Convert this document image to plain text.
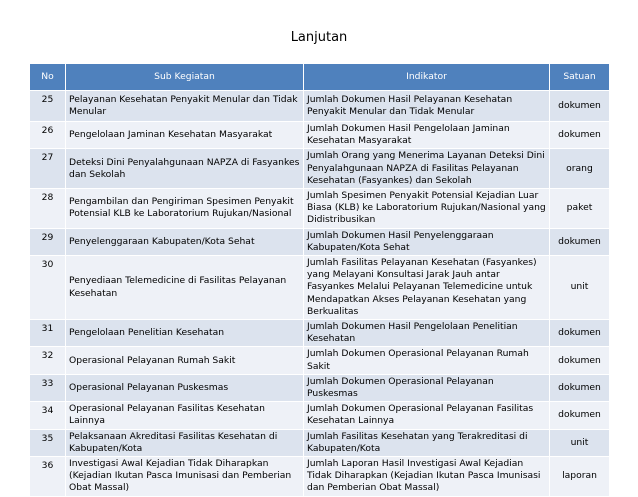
Lanjutan
No	Sub Kegiatan	Indikator	Satuan
25	Pelayanan Kesehatan Penyakit Menular dan Tidak Menular	Jumlah Dokumen Hasil Pelayanan Kesehatan Penyakit Menular dan Tidak Menular	dokumen
26	Pengelolaan Jaminan Kesehatan Masyarakat	Jumlah Dokumen Hasil Pengelolaan Jaminan Kesehatan Masyarakat	dokumen
27	Deteksi Dini Penyalahgunaan NAPZA di Fasyankes dan Sekolah	Jumlah Orang yang Menerima Layanan Deteksi Dini Penyalahgunaan NAPZA di Fasilitas Pelayanan Kesehatan (Fasyankes) dan Sekolah	orang
28	Pengambilan dan Pengiriman Spesimen Penyakit Potensial KLB ke Laboratorium Rujukan/Nasional	Jumlah Spesimen Penyakit Potensial Kejadian Luar Biasa (KLB) ke Laboratorium Rujukan/Nasional yang Didistribusikan	paket
29	Penyelenggaraan Kabupaten/Kota Sehat	Jumlah Dokumen Hasil Penyelenggaraan Kabupaten/Kota Sehat	dokumen
30	Penyediaan Telemedicine di Fasilitas Pelayanan Kesehatan	Jumlah Fasilitas Pelayanan Kesehatan (Fasyankes) yang Melayani Konsultasi Jarak Jauh antar Fasyankes Melalui Pelayanan Telemedicine untuk Mendapatkan Akses Pelayanan Kesehatan yang Berkualitas	unit
31	Pengelolaan Penelitian Kesehatan	Jumlah Dokumen Hasil Pengelolaan Penelitian Kesehatan	dokumen
32	Operasional Pelayanan Rumah Sakit	Jumlah Dokumen Operasional Pelayanan Rumah Sakit	dokumen
33	Operasional Pelayanan Puskesmas	Jumlah Dokumen Operasional Pelayanan Puskesmas	dokumen
34	Operasional Pelayanan Fasilitas Kesehatan Lainnya	Jumlah Dokumen Operasional Pelayanan Fasilitas Kesehatan Lainnya	dokumen
35	Pelaksanaan Akreditasi Fasilitas Kesehatan di Kabupaten/Kota	Jumlah Fasilitas Kesehatan yang Terakreditasi di Kabupaten/Kota	unit
36	Investigasi Awal Kejadian Tidak Diharapkan (Kejadian Ikutan Pasca Imunisasi dan Pemberian Obat Massal)	Jumlah Laporan Hasil Investigasi Awal Kejadian Tidak Diharapkan (Kejadian Ikutan Pasca Imunisasi dan Pemberian Obat Massal)	laporan
